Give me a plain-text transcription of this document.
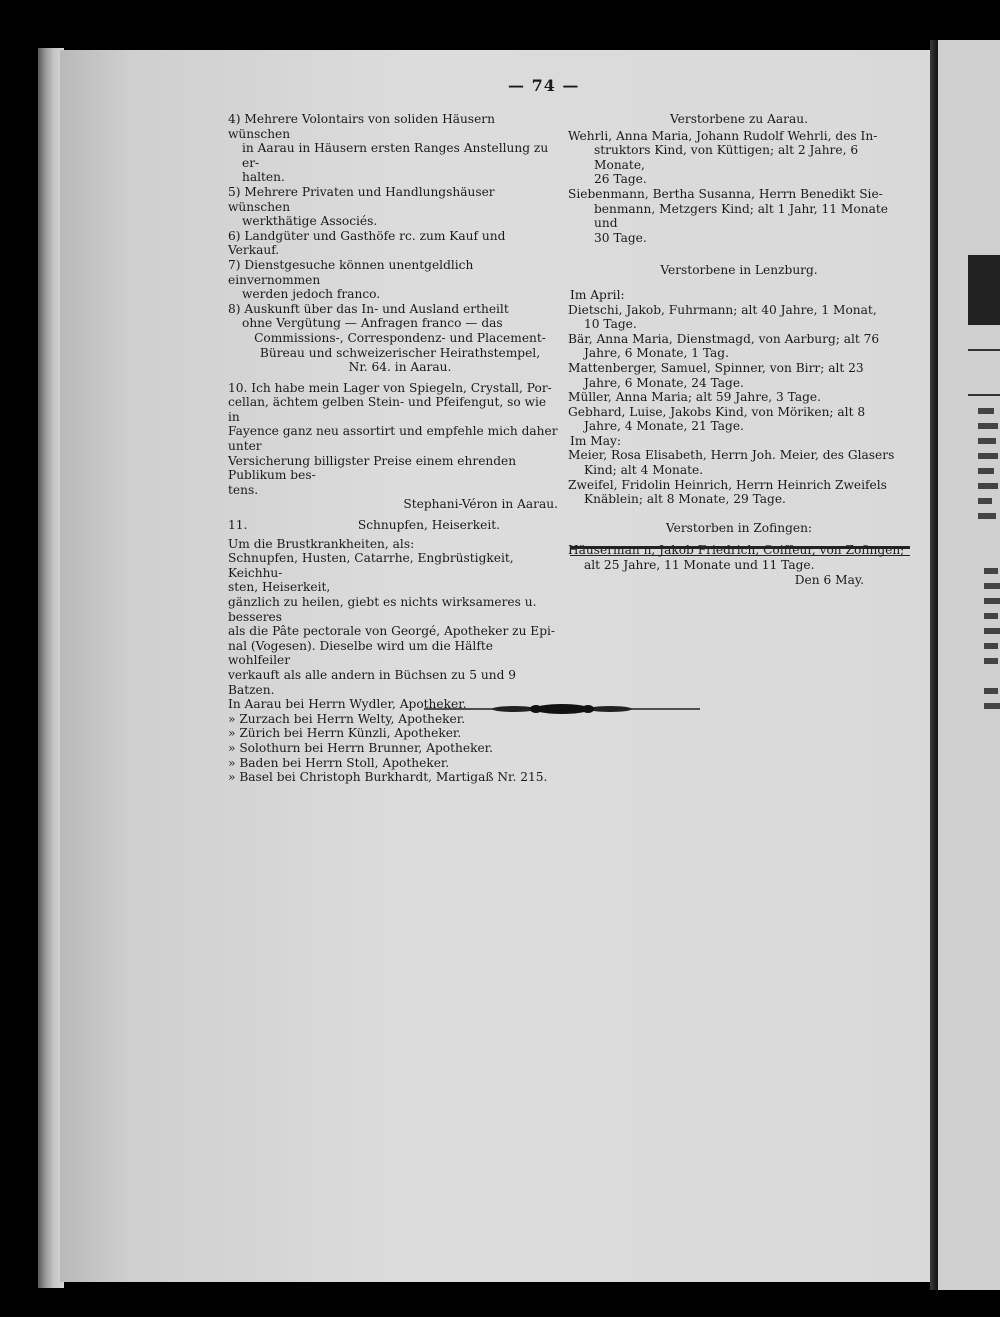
— 74 —
4) Mehrere Volontairs von soliden Häusern wünschen
in Aarau in Häusern ersten Ranges Anstellung zu er-
halten.
5) Mehrere Privaten und Handlungshäuser wünschen
werkthätige Associés.
6) Landgüter und Gasthöfe rc. zum Kauf und Verkauf.
7) Dienstgesuche können unentgeldlich einvernommen
werden jedoch franco.
8) Auskunft über das In- und Ausland ertheilt
ohne Vergütung — Anfragen franco — das
Commissions-, Correspondenz- und Placement-
Büreau und schweizerischer Heirathstempel,
Nr. 64. in Aarau.
10. Ich habe mein Lager von Spiegeln, Crystall, Por-
cellan, ächtem gelben Stein- und Pfeifengut, so wie in
Fayence ganz neu assortirt und empfehle mich daher unter
Versicherung billigster Preise einem ehrenden Publikum bes-
tens.
Stephani-Véron in Aarau.
11.	Schnupfen, Heiserkeit.
Um die Brustkrankheiten, als:
Schnupfen, Husten, Catarrhe, Engbrüstigkeit, Keichhu-
sten, Heiserkeit,
gänzlich zu heilen, giebt es nichts wirksameres u. besseres
als die Pâte pectorale von Georgé, Apotheker zu Epi-
nal (Vogesen). Dieselbe wird um die Hälfte wohlfeiler
verkauft als alle andern in Büchsen zu 5 und 9 Batzen.
In Aarau bei Herrn Wydler, Apotheker.
» Zurzach bei Herrn Welty, Apotheker.
» Zürich bei Herrn Künzli, Apotheker.
» Solothurn bei Herrn Brunner, Apotheker.
» Baden bei Herrn Stoll, Apotheker.
» Basel bei Christoph Burkhardt, Martigaß Nr. 215.
Verstorbene zu Aarau.
Wehrli, Anna Maria, Johann Rudolf Wehrli, des In-
struktors Kind, von Küttigen; alt 2 Jahre, 6 Monate,
26 Tage.
Siebenmann, Bertha Susanna, Herrn Benedikt Sie-
benmann, Metzgers Kind; alt 1 Jahr, 11 Monate und
30 Tage.
Verstorbene in Lenzburg.
Im April:
Dietschi, Jakob, Fuhrmann; alt 40 Jahre, 1 Monat,
10 Tage.
Bär, Anna Maria, Dienstmagd, von Aarburg; alt 76
Jahre, 6 Monate, 1 Tag.
Mattenberger, Samuel, Spinner, von Birr; alt 23
Jahre, 6 Monate, 24 Tage.
Müller, Anna Maria; alt 59 Jahre, 3 Tage.
Gebhard, Luise, Jakobs Kind, von Möriken; alt 8
Jahre, 4 Monate, 21 Tage.
Im May:
Meier, Rosa Elisabeth, Herrn Joh. Meier, des Glasers
Kind; alt 4 Monate.
Zweifel, Fridolin Heinrich, Herrn Heinrich Zweifels
Knäblein; alt 8 Monate, 29 Tage.
Verstorben in Zofingen:
Häuserman n, Jakob Friedrich, Coiffeur, von Zofingen;
alt 25 Jahre, 11 Monate und 11 Tage.
Den 6 May.
